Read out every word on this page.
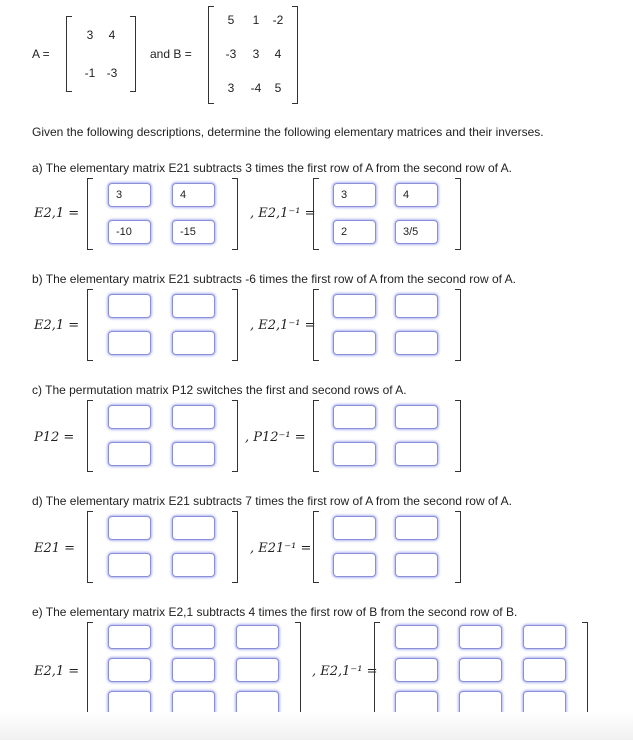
A =
3	4
-1 -3
and B =
5	1	-2
-3	3	4
3	-4	5
Given the following descriptions, determine the following elementary matrices and their inverses.
a) The elementary matrix E21 subtracts 3 times the first row of A from the second row of A.
E2,1 =
3	4
-10	-15
, E2,1⁻¹ =
3	4
2	3/5
b) The elementary matrix E21 subtracts -6 times the first row of A from the second row of A.
E2,1 =	, E2,1⁻¹ =
c) The permutation matrix P12 switches the first and second rows of A.
P12 =	, P12⁻¹ =
d) The elementary matrix E21 subtracts 7 times the first row of A from the second row of A.
E21 =	, E21⁻¹ =
e) The elementary matrix E2,1 subtracts 4 times the first row of B from the second row of B.
E2,1 =	, E2,1⁻¹ =
